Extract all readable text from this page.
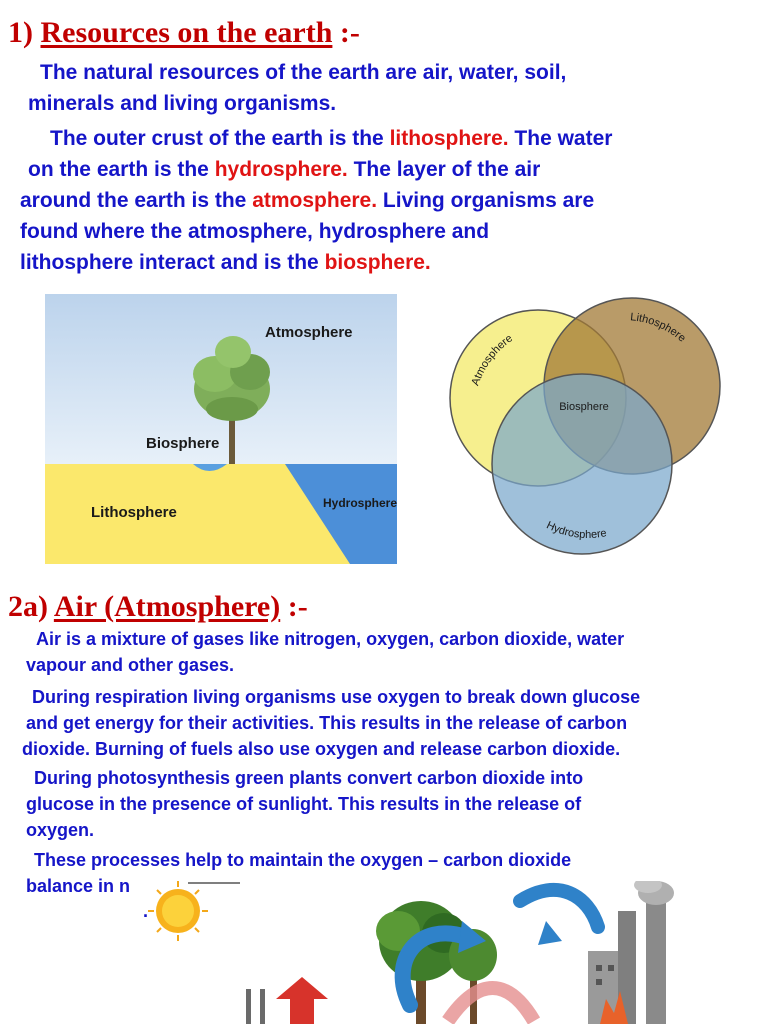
1) Resources on the earth :-
The natural resources of the earth are air, water, soil,
minerals and living organisms.
The outer crust of the earth is the lithosphere. The water
on the earth is the hydrosphere. The layer of the air
around the earth is the atmosphere. Living organisms are
found where the atmosphere, hydrosphere and
lithosphere interact and is the biosphere.
Atmosphere
Biosphere
Lithosphere
Hydrosphere
Atmosphere
Lithosphere
Hydrosphere
Biosphere
2a) Air (Atmosphere) :-
Air is a mixture of gases like nitrogen, oxygen, carbon dioxide, water
vapour and other gases.
During respiration living organisms use oxygen to break down glucose
and get energy for their activities. This results in the release of carbon
dioxide. Burning of fuels also use oxygen and release carbon dioxide.
During photosynthesis green plants convert carbon dioxide into
glucose in the presence of sunlight. This results in the release of
oxygen.
These processes help to maintain the oxygen – carbon dioxide
balance in n
.
